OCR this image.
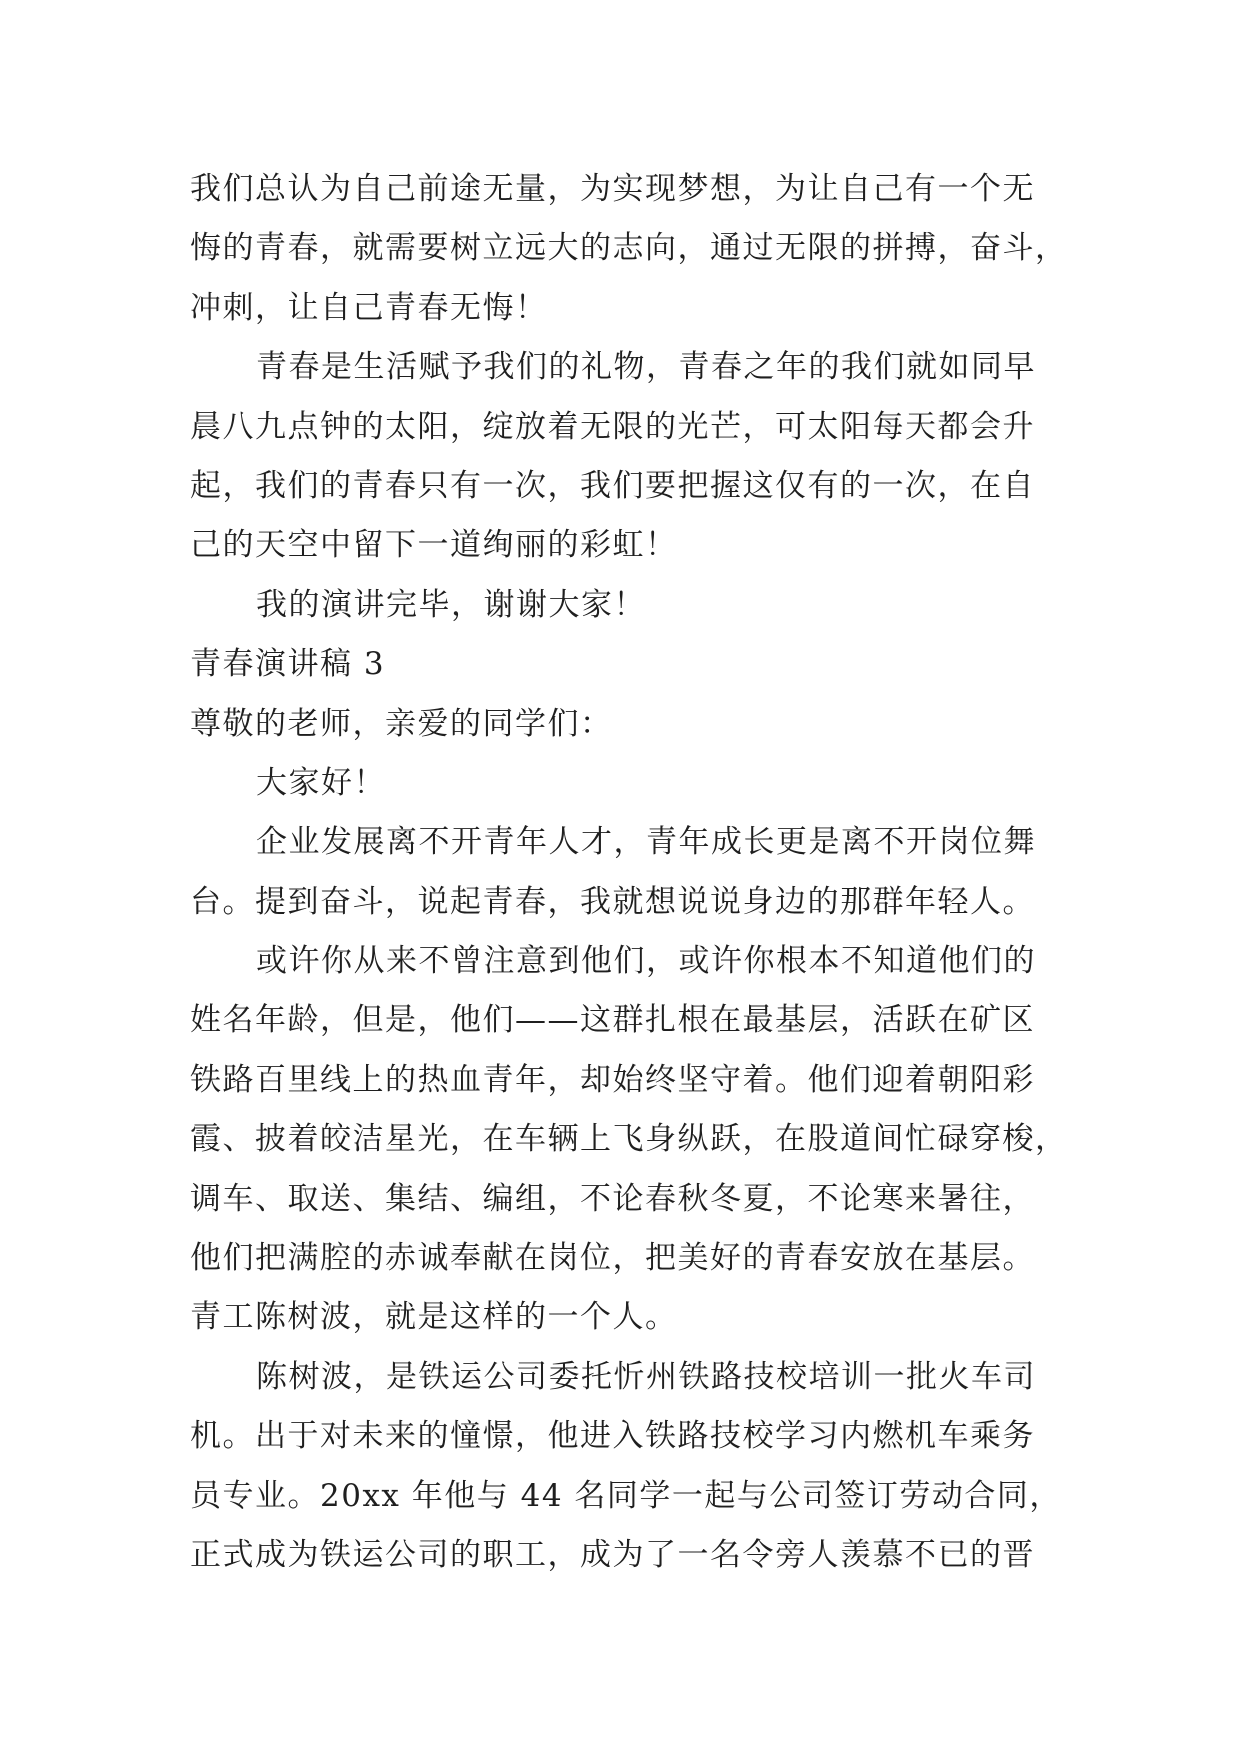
我们总认为自己前途无量，为实现梦想，为让自己有一个无
悔的青春，就需要树立远大的志向，通过无限的拼搏，奋斗，
冲刺，让自己青春无悔！
青春是生活赋予我们的礼物，青春之年的我们就如同早
晨八九点钟的太阳，绽放着无限的光芒，可太阳每天都会升
起，我们的青春只有一次，我们要把握这仅有的一次，在自
己的天空中留下一道绚丽的彩虹！
我的演讲完毕，谢谢大家！
青春演讲稿 3
尊敬的老师，亲爱的同学们：
大家好！
企业发展离不开青年人才，青年成长更是离不开岗位舞
台。提到奋斗，说起青春，我就想说说身边的那群年轻人。
或许你从来不曾注意到他们，或许你根本不知道他们的
姓名年龄，但是，他们——这群扎根在最基层，活跃在矿区
铁路百里线上的热血青年，却始终坚守着。他们迎着朝阳彩
霞、披着皎洁星光，在车辆上飞身纵跃，在股道间忙碌穿梭，
调车、取送、集结、编组，不论春秋冬夏，不论寒来暑往，
他们把满腔的赤诚奉献在岗位，把美好的青春安放在基层。
青工陈树波，就是这样的一个人。
陈树波，是铁运公司委托忻州铁路技校培训一批火车司
机。出于对未来的憧憬，他进入铁路技校学习内燃机车乘务
员专业。20xx 年他与 44 名同学一起与公司签订劳动合同，
正式成为铁运公司的职工，成为了一名令旁人羡慕不已的晋
